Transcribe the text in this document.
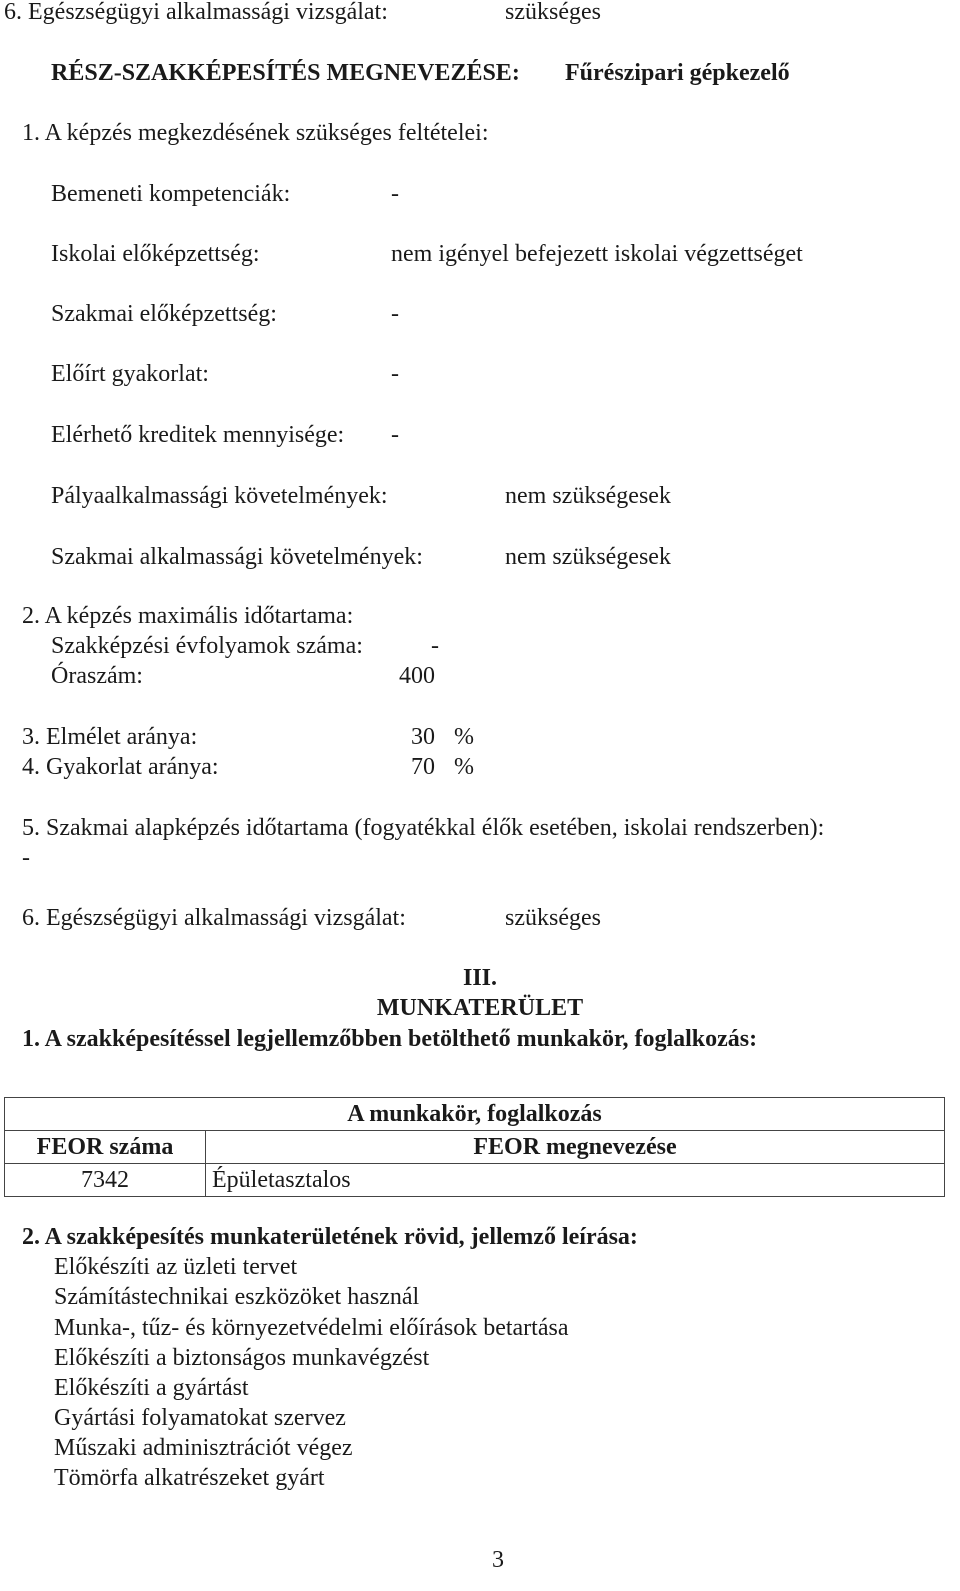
6. Egészségügyi alkalmassági vizsgálat:	szükséges
RÉSZ-SZAKKÉPESÍTÉS MEGNEVEZÉSE: Fűrészipari gépkezelő
1. A képzés megkezdésének szükséges feltételei:
Bemeneti kompetenciák:	-
Iskolai előképzettség:	nem igényel befejezett iskolai végzettséget
Szakmai előképzettség:	-
Előírt gyakorlat:	-
Elérhető kreditek mennyisége: -
Pályaalkalmassági követelmények:	nem szükségesek
Szakmai alkalmassági követelmények:	nem szükségesek
2. A képzés maximális időtartama:
Szakképzési évfolyamok száma:	-
Óraszám:	400
3. Elmélet aránya:	30 %
4. Gyakorlat aránya:	70 %
5. Szakmai alapképzés időtartama (fogyatékkal élők esetében, iskolai rendszerben):
-
6. Egészségügyi alkalmassági vizsgálat:	szükséges
III.
MUNKATERÜLET
1. A szakképesítéssel legjellemzőbben betölthető munkakör, foglalkozás:
A munkakör, foglalkozás	
FEOR száma	FEOR megnevezése
7342	Épületasztalos
2. A szakképesítés munkaterületének rövid, jellemző leírása:
Előkészíti az üzleti tervet
Számítástechnikai eszközöket használ
Munka-, tűz- és környezetvédelmi előírások betartása
Előkészíti a biztonságos munkavégzést
Előkészíti a gyártást
Gyártási folyamatokat szervez
Műszaki adminisztrációt végez
Tömörfa alkatrészeket gyárt
3
